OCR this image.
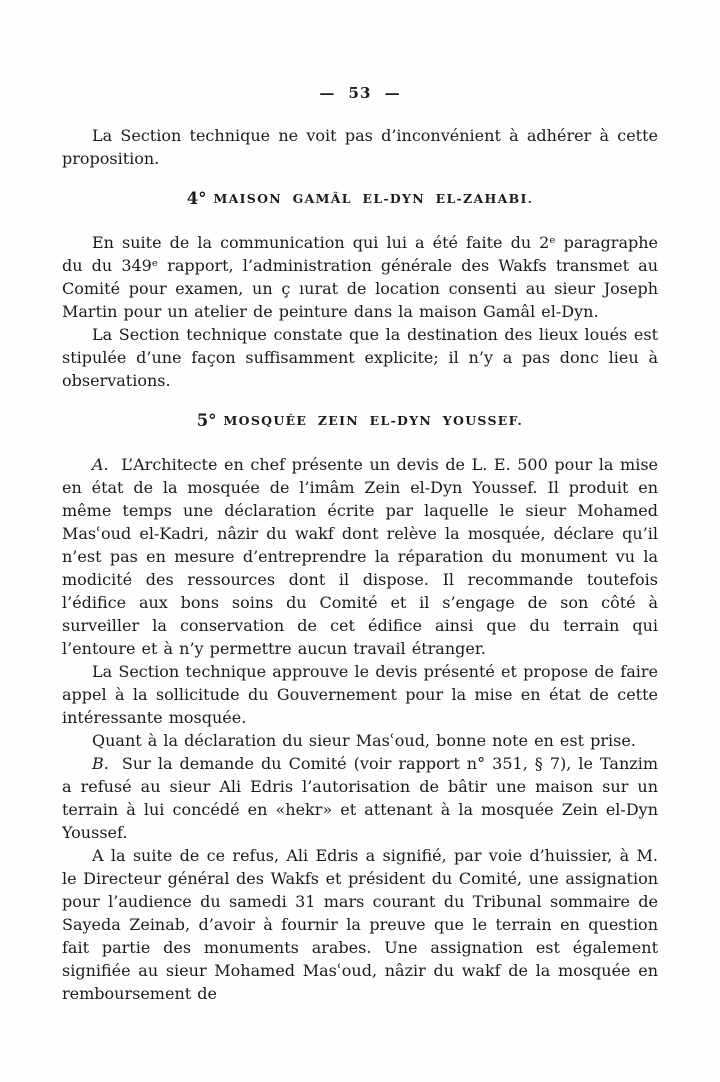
— 53 —

La Section technique ne voit pas d’inconvénient à adhérer à cette proposition.

4° MAISON GAMÂL EL-DYN EL-ZAHABI.

En suite de la communication qui lui a été faite du 2ᵉ paragraphe du du 349ᵉ rapport, l’administration générale des Wakfs transmet au Comité pour examen, un ç ıurat de location consenti au sieur Joseph Martin pour un atelier de peinture dans la maison Gamâl el-Dyn.

La Section technique constate que la destination des lieux loués est stipulée d’une façon suffisamment explicite; il n’y a pas donc lieu à observations.

5° MOSQUÉE ZEIN EL-DYN YOUSSEF.

A. L’Architecte en chef présente un devis de L. E. 500 pour la mise en état de la mosquée de l’imâm Zein el-Dyn Youssef. Il produit en même temps une déclaration écrite par laquelle le sieur Mohamed Masʿoud el-Kadri, nâzir du wakf dont relève la mosquée, déclare qu’il n’est pas en mesure d’entreprendre la réparation du monument vu la modicité des ressources dont il dispose. Il recommande toutefois l’édifice aux bons soins du Comité et il s’engage de son côté à surveiller la conservation de cet édifice ainsi que du terrain qui l’entoure et à n’y permettre aucun travail étranger.

La Section technique approuve le devis présenté et propose de faire appel à la sollicitude du Gouvernement pour la mise en état de cette intéressante mosquée.

Quant à la déclaration du sieur Masʿoud, bonne note en est prise.

B. Sur la demande du Comité (voir rapport n° 351, § 7), le Tanzim a refusé au sieur Ali Edris l’autorisation de bâtir une maison sur un terrain à lui concédé en «hekr» et attenant à la mosquée Zein el-Dyn Youssef.

A la suite de ce refus, Ali Edris a signifié, par voie d’huissier, à M. le Directeur général des Wakfs et président du Comité, une assignation pour l’audience du samedi 31 mars courant du Tribunal sommaire de Sayeda Zeinab, d’avoir à fournir la preuve que le terrain en question fait partie des monuments arabes. Une assignation est également signifiée au sieur Mohamed Masʿoud, nâzir du wakf de la mosquée en remboursement de
